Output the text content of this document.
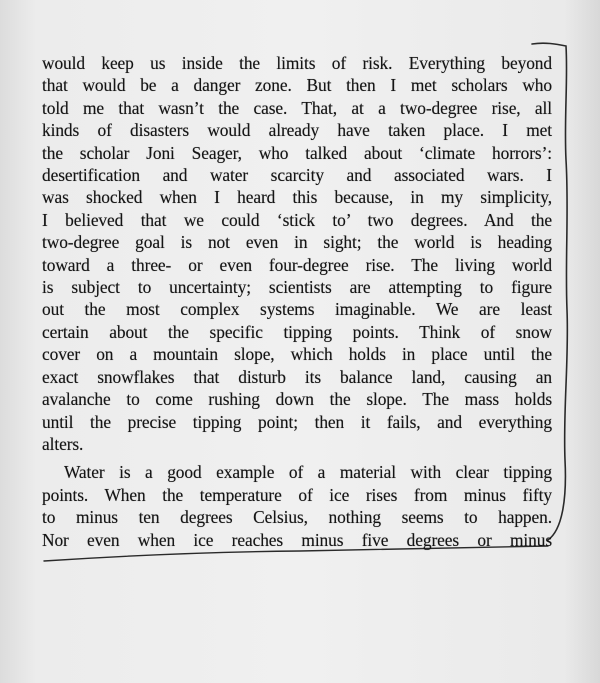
would keep us inside the limits of risk. Everything beyond
that would be a danger zone. But then I met scholars who
told me that wasn’t the case. That, at a two-degree rise, all
kinds of disasters would already have taken place. I met
the scholar Joni Seager, who talked about ‘climate horrors’:
desertification and water scarcity and associated wars. I
was shocked when I heard this because, in my simplicity,
I believed that we could ‘stick to’ two degrees. And the
two-degree goal is not even in sight; the world is heading
toward a three- or even four-degree rise. The living world
is subject to uncertainty; scientists are attempting to figure
out the most complex systems imaginable. We are least
certain about the specific tipping points. Think of snow
cover on a mountain slope, which holds in place until the
exact snowflakes that disturb its balance land, causing an
avalanche to come rushing down the slope. The mass holds
until the precise tipping point; then it fails, and everything
alters.
Water is a good example of a material with clear tipping
points. When the temperature of ice rises from minus fifty
to minus ten degrees Celsius, nothing seems to happen.
Nor even when ice reaches minus five degrees or minus
